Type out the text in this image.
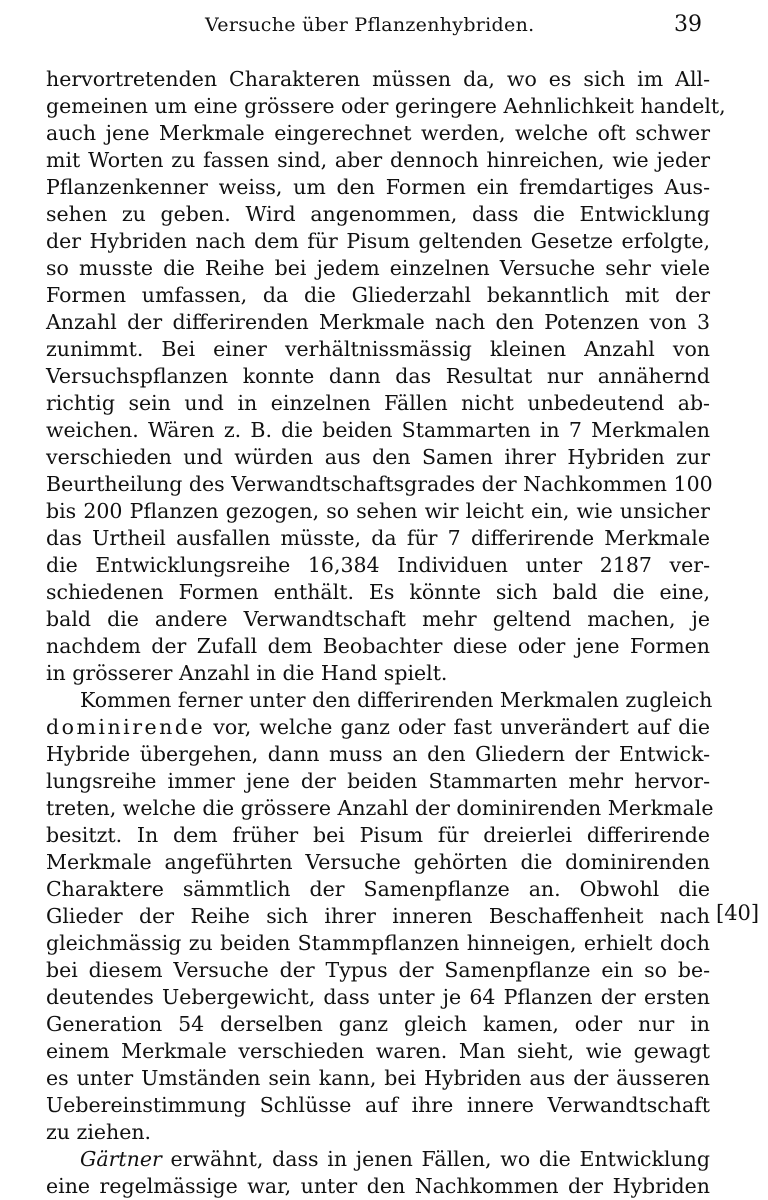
Versuche über Pflanzenhybriden.	39
[40]
hervortretenden Charakteren müssen da, wo es sich im All-
gemeinen um eine grössere oder geringere Aehnlichkeit handelt,
auch jene Merkmale eingerechnet werden, welche oft schwer
mit Worten zu fassen sind, aber dennoch hinreichen, wie jeder
Pflanzenkenner weiss, um den Formen ein fremdartiges Aus-
sehen zu geben. Wird angenommen, dass die Entwicklung
der Hybriden nach dem für Pisum geltenden Gesetze erfolgte,
so musste die Reihe bei jedem einzelnen Versuche sehr viele
Formen umfassen, da die Gliederzahl bekanntlich mit der
Anzahl der differirenden Merkmale nach den Potenzen von 3
zunimmt. Bei einer verhältnissmässig kleinen Anzahl von
Versuchspflanzen konnte dann das Resultat nur annähernd
richtig sein und in einzelnen Fällen nicht unbedeutend ab-
weichen. Wären z. B. die beiden Stammarten in 7 Merkmalen
verschieden und würden aus den Samen ihrer Hybriden zur
Beurtheilung des Verwandtschaftsgrades der Nachkommen 100
bis 200 Pflanzen gezogen, so sehen wir leicht ein, wie unsicher
das Urtheil ausfallen müsste, da für 7 differirende Merkmale
die Entwicklungsreihe 16,384 Individuen unter 2187 ver-
schiedenen Formen enthält. Es könnte sich bald die eine,
bald die andere Verwandtschaft mehr geltend machen, je
nachdem der Zufall dem Beobachter diese oder jene Formen
in grösserer Anzahl in die Hand spielt.
Kommen ferner unter den differirenden Merkmalen zugleich
dominirende vor, welche ganz oder fast unverändert auf die
Hybride übergehen, dann muss an den Gliedern der Entwick-
lungsreihe immer jene der beiden Stammarten mehr hervor-
treten, welche die grössere Anzahl der dominirenden Merkmale
besitzt. In dem früher bei Pisum für dreierlei differirende
Merkmale angeführten Versuche gehörten die dominirenden
Charaktere sämmtlich der Samenpflanze an. Obwohl die
Glieder der Reihe sich ihrer inneren Beschaffenheit nach
gleichmässig zu beiden Stammpflanzen hinneigen, erhielt doch
bei diesem Versuche der Typus der Samenpflanze ein so be-
deutendes Uebergewicht, dass unter je 64 Pflanzen der ersten
Generation 54 derselben ganz gleich kamen, oder nur in
einem Merkmale verschieden waren. Man sieht, wie gewagt
es unter Umständen sein kann, bei Hybriden aus der äusseren
Uebereinstimmung Schlüsse auf ihre innere Verwandtschaft
zu ziehen.
Gärtner erwähnt, dass in jenen Fällen, wo die Entwicklung
eine regelmässige war, unter den Nachkommen der Hybriden
